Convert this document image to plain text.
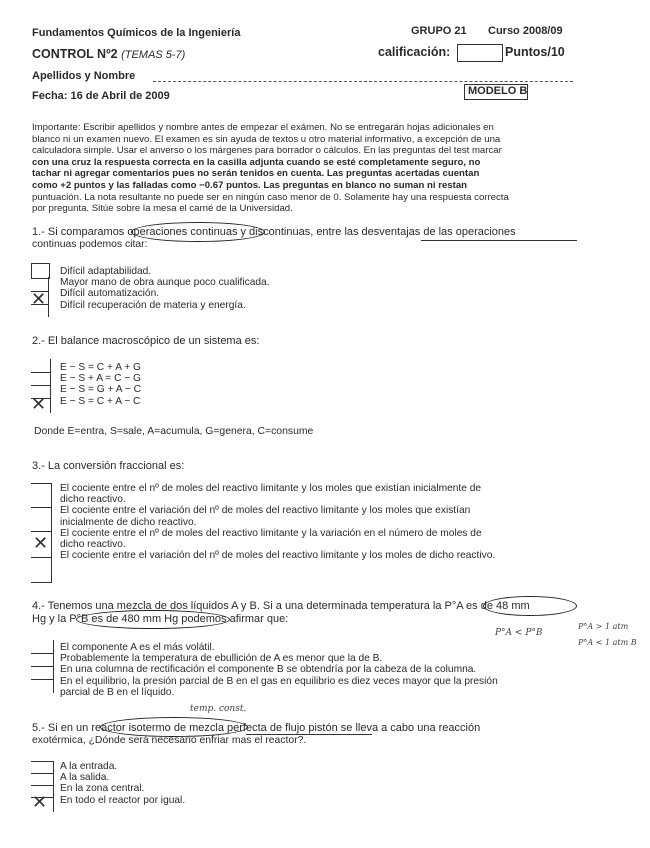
Fundamentos Químicos de la Ingeniería	GRUPO 21 Curso 2008/09
CONTROL Nº2 (TEMAS 5-7)	calificación:	Puntos/10
Apellidos y Nombre
Fecha: 16 de Abril de 2009	MODELO B
Importante: Escribir apellidos y nombre antes de empezar el exámen. No se entregarán hojas adicionales en
blanco ni un examen nuevo. El examen es sin ayuda de textos u otro material informativo, a excepción de una
calculadora simple. Usar el anverso o los márgenes para borrador o cálculos. En las preguntas del test marcar
con una cruz la respuesta correcta en la casilla adjunta cuando se esté completamente seguro, no
tachar ni agregar comentarios pues no serán tenidos en cuenta. Las preguntas acertadas cuentan
como +2 puntos y las falladas como −0.67 puntos. Las preguntas en blanco no suman ni restan
puntuación. La nota resultante no puede ser en ningún caso menor de 0. Solamente hay una respuesta correcta
por pregunta. Sitúe sobre la mesa el carné de la Universidad.
1.- Si comparamos operaciones continuas y discontinuas, entre las desventajas de las operaciones
continuas podemos citar:
✕
Difícil adaptabilidad.
Mayor mano de obra aunque poco cualificada.
Difícil automatización.
Difícil recuperación de materia y energía.
2.- El balance macroscópico de un sistema es:
✕
E − S = C + A + G
E − S + A = C − G
E − S = G + A − C
E − S = C + A − C
Donde E=entra, S=sale, A=acumula, G=genera, C=consume
3.- La conversión fraccional es:
✕
El cociente entre el nº de moles del reactivo limitante y los moles que existían inicialmente de
dicho reactivo.
El cociente entre el variación del nº de moles del reactivo limitante y los moles que existían
inicialmente de dicho reactivo.
El cociente entre el nº de moles del reactivo limitante y la variación en el número de moles de
dicho reactivo.
El cociente entre el variación del nº de moles del reactivo limitante y los moles de dicho reactivo.
4.- Tenemos una mezcla de dos líquidos A y B. Si a una determinada temperatura la P°A es de 48 mm
Hg y la P°B es de 480 mm Hg podemos afirmar que:
P°A < P°B
P°A > 1 atm
P°A < 1 atm B
El componente A es el más volátil.
Probablemente la temperatura de ebullición de A es menor que la de B.
En una columna de rectificación el componente B se obtendría por la cabeza de la columna.
En el equilibrio, la presión parcial de B en el gas en equilibrio es diez veces mayor que la presión
parcial de B en el líquido.
temp. const.
5.- Si en un reactor isotermo de mezcla perfecta de flujo pistón se lleva a cabo una reacción
exotérmica, ¿Dónde será necesario enfriar mas el reactor?.
✕
A la entrada.
A la salida.
En la zona central.
En todo el reactor por igual.
